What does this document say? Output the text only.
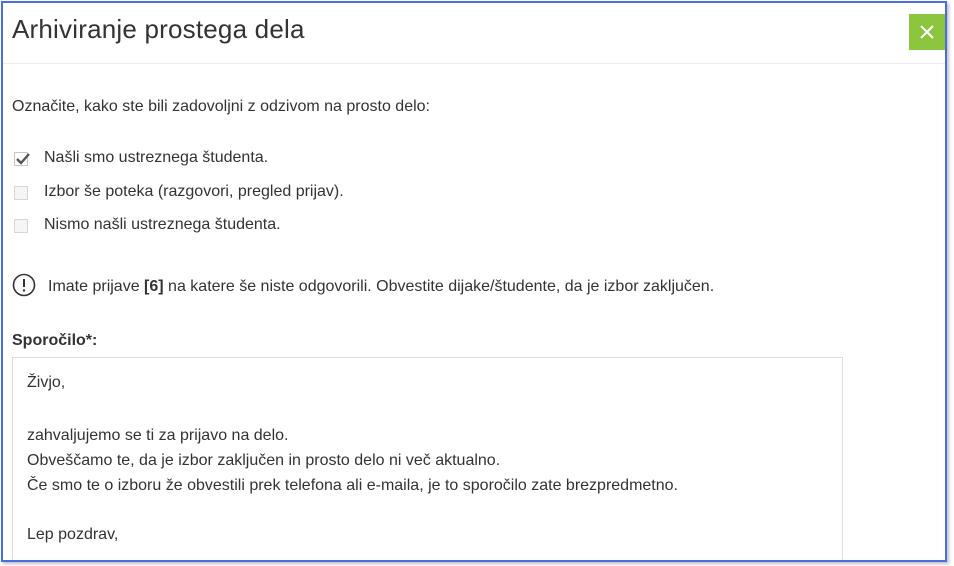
Arhiviranje prostega dela
Označite, kako ste bili zadovoljni z odzivom na prosto delo:
Našli smo ustreznega študenta.
Izbor še poteka (razgovori, pregled prijav).
Nismo našli ustreznega študenta.
Imate prijave [6] na katere še niste odgovorili. Obvestite dijake/študente, da je izbor zaključen.
Sporočilo*:
Živjo,
zahvaljujemo se ti za prijavo na delo.
Obveščamo te, da je izbor zaključen in prosto delo ni več aktualno.
Če smo te o izboru že obvestili prek telefona ali e-maila, je to sporočilo zate brezpredmetno.
Lep pozdrav,
